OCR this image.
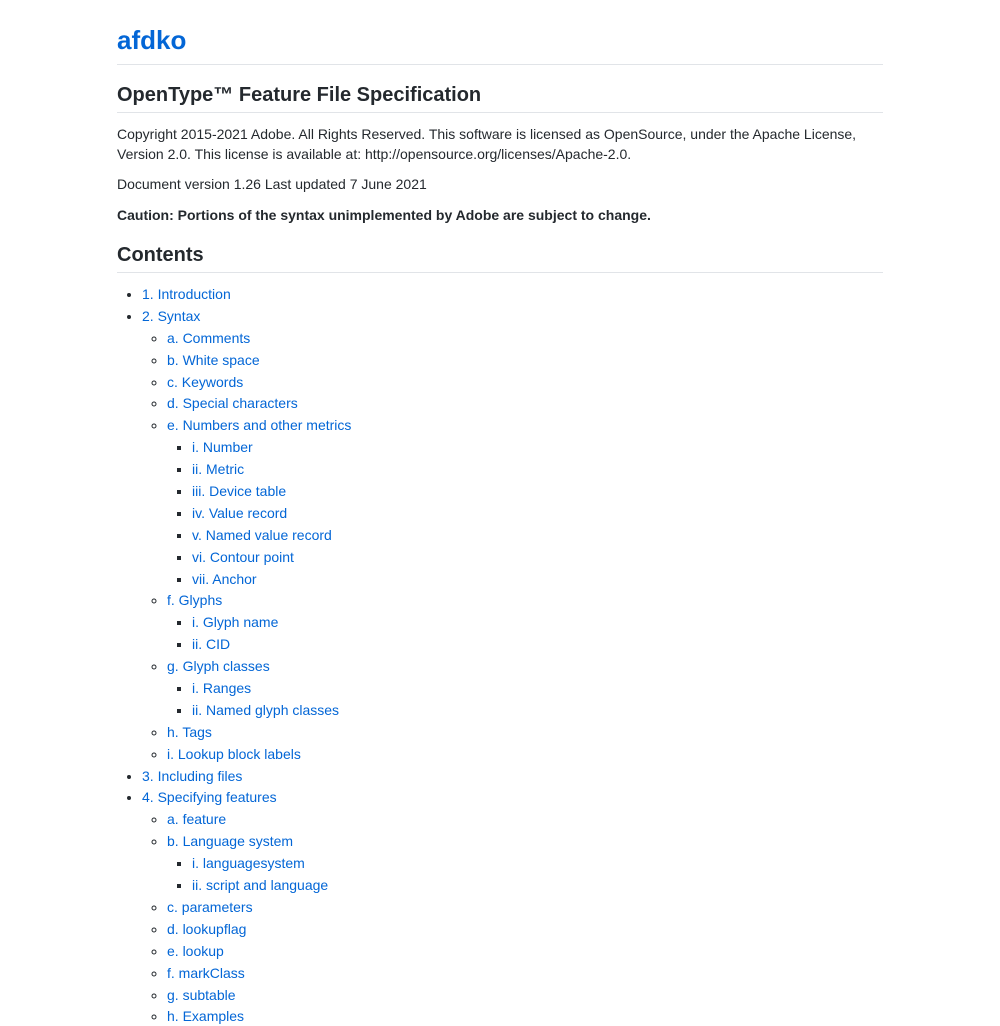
afdko
OpenType™ Feature File Specification

Copyright 2015-2021 Adobe. All Rights Reserved. This software is licensed as OpenSource, under the Apache License, Version 2.0. This license is available at: http://opensource.org/licenses/Apache-2.0.

Document version 1.26 Last updated 7 June 2021

Caution: Portions of the syntax unimplemented by Adobe are subject to change.

Contents
• 1. Introduction
• 2. Syntax
◦ a. Comments
◦ b. White space
◦ c. Keywords
◦ d. Special characters
◦ e. Numbers and other metrics
▪ i. Number
▪ ii. Metric
▪ iii. Device table
▪ iv. Value record
▪ v. Named value record
▪ vi. Contour point
▪ vii. Anchor
◦ f. Glyphs
▪ i. Glyph name
▪ ii. CID
◦ g. Glyph classes
▪ i. Ranges
▪ ii. Named glyph classes
◦ h. Tags
◦ i. Lookup block labels
• 3. Including files
• 4. Specifying features
◦ a. feature
◦ b. Language system
▪ i. languagesystem
▪ ii. script and language
◦ c. parameters
◦ d. lookupflag
◦ e. lookup
◦ f. markClass
◦ g. subtable
◦ h. Examples
